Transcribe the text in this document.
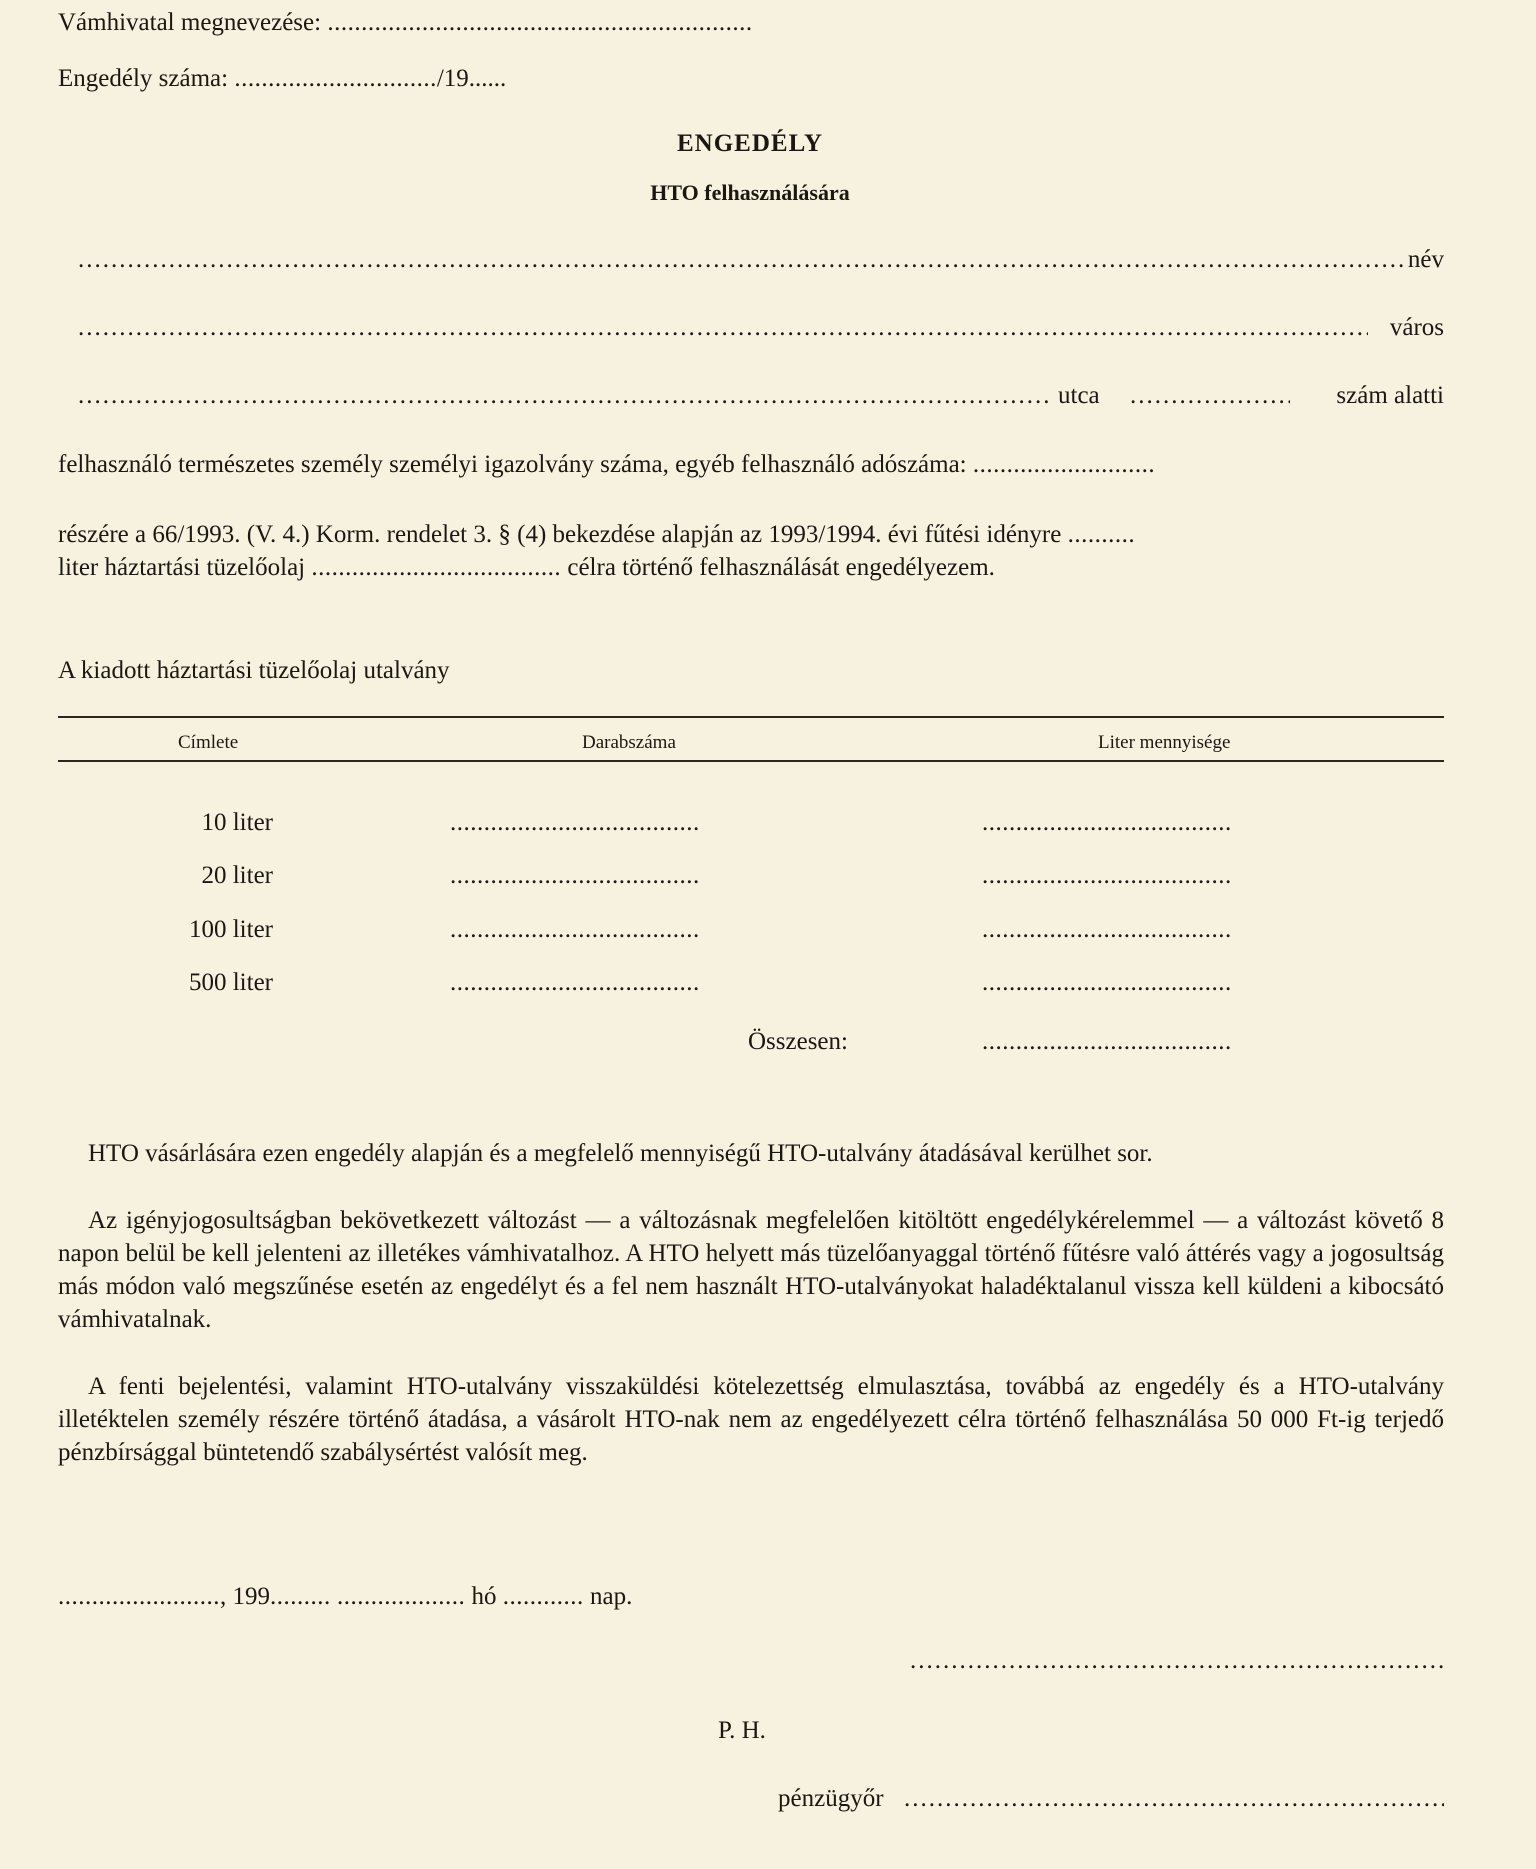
Vámhivatal megnevezése: ...............................................................
Engedély száma: ............................../19......
ENGEDÉLY
HTO felhasználására
.....
név
.....
város
.....
utca
.....	szám alatti
felhasználó természetes személy személyi igazolvány száma, egyéb felhasználó adószáma: ...........................
részére a 66/1993. (V. 4.) Korm. rendelet 3. § (4) bekezdése alapján az 1993/1994. évi fűtési idényre ..........
liter háztartási tüzelőolaj ..................................... célra történő felhasználását engedélyezem.
A kiadott háztartási tüzelőolaj utalvány
Címlete	Darabszáma	Liter mennyisége
10 liter	.....................................	.....................................
20 liter	.....................................	.....................................
100 liter	.....................................	.....................................
500 liter	.....................................	.....................................
Összesen:	.....................................
HTO vásárlására ezen engedély alapján és a megfelelő mennyiségű HTO-utalvány átadásával kerülhet sor.
Az igényjogosultságban bekövetkezett változást — a változásnak megfelelően kitöltött engedélykérelemmel — a változást követő 8 napon belül be kell jelenteni az illetékes vámhivatalhoz. A HTO helyett más tüzelőanyaggal történő fűtésre való áttérés vagy a jogosultság más módon való megszűnése esetén az engedélyt és a fel nem használt HTO-utalványokat haladéktalanul vissza kell küldeni a kibocsátó vámhivatalnak.
A fenti bejelentési, valamint HTO-utalvány visszaküldési kötelezettség elmulasztása, továbbá az engedély és a HTO-utalvány illetéktelen személy részére történő átadása, a vásárolt HTO-nak nem az engedélyezett célra történő felhasználása 50 000 Ft-ig terjedő pénzbírsággal büntetendő szabálysértést valósít meg.
........................, 199......... ................... hó ............ nap.
.....
P. H.
pénzügyőr
.....
